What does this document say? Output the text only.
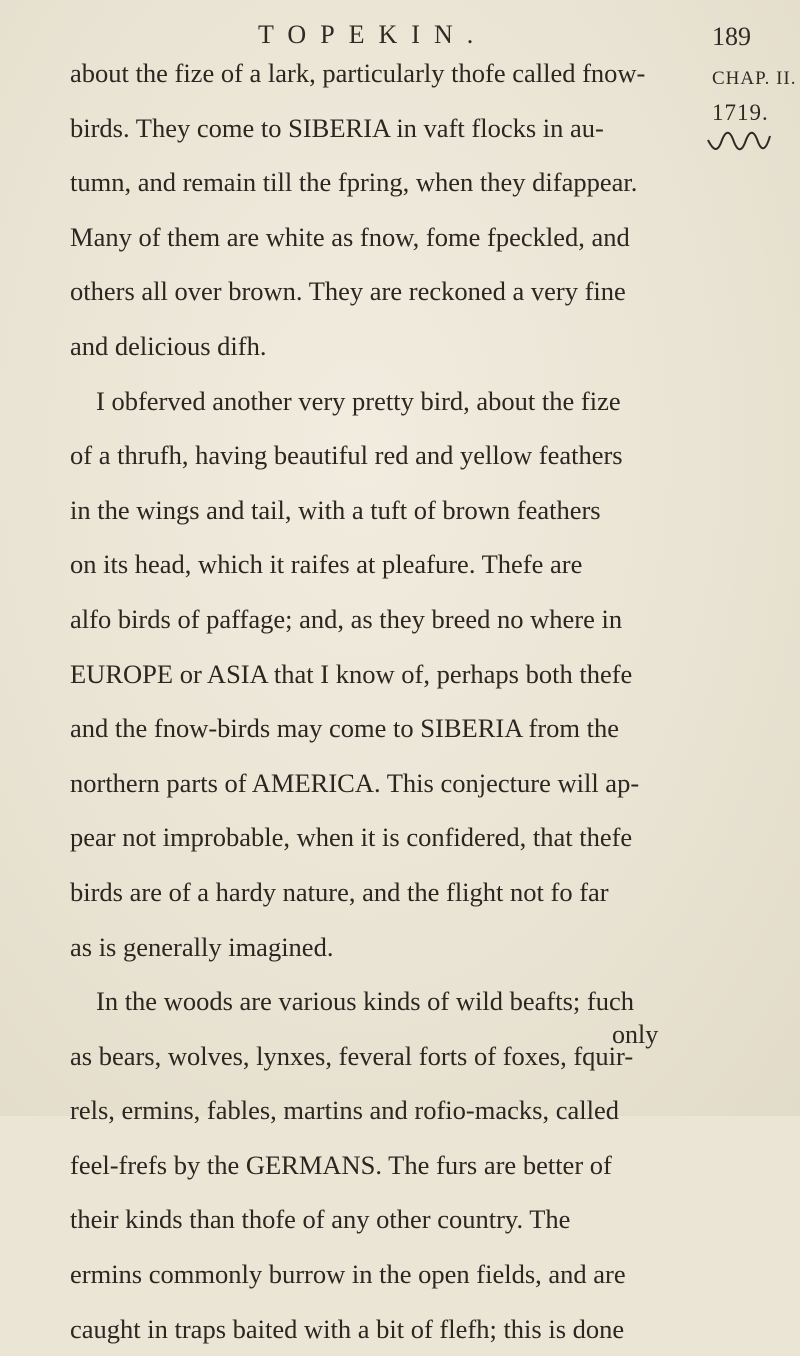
TOPEKIN.	189
CHAP. II.
1719.
about the fize of a lark, particularly thofe called fnow-
birds. They come to SIBERIA in vaft flocks in au-
tumn, and remain till the fpring, when they difappear.
Many of them are white as fnow, fome fpeckled, and
others all over brown. They are reckoned a very fine
and delicious difh.
I obferved another very pretty bird, about the fize
of a thrufh, having beautiful red and yellow feathers
in the wings and tail, with a tuft of brown feathers
on its head, which it raifes at pleafure. Thefe are
alfo birds of paffage; and, as they breed no where in
EUROPE or ASIA that I know of, perhaps both thefe
and the fnow-birds may come to SIBERIA from the
northern parts of AMERICA. This conjecture will ap-
pear not improbable, when it is confidered, that thefe
birds are of a hardy nature, and the flight not fo far
as is generally imagined.
In the woods are various kinds of wild beafts; fuch
as bears, wolves, lynxes, feveral forts of foxes, fquir-
rels, ermins, fables, martins and rofio-macks, called
feel-frefs by the GERMANS. The furs are better of
their kinds than thofe of any other country. The
ermins commonly burrow in the open fields, and are
caught in traps baited with a bit of flefh; this is done
only
